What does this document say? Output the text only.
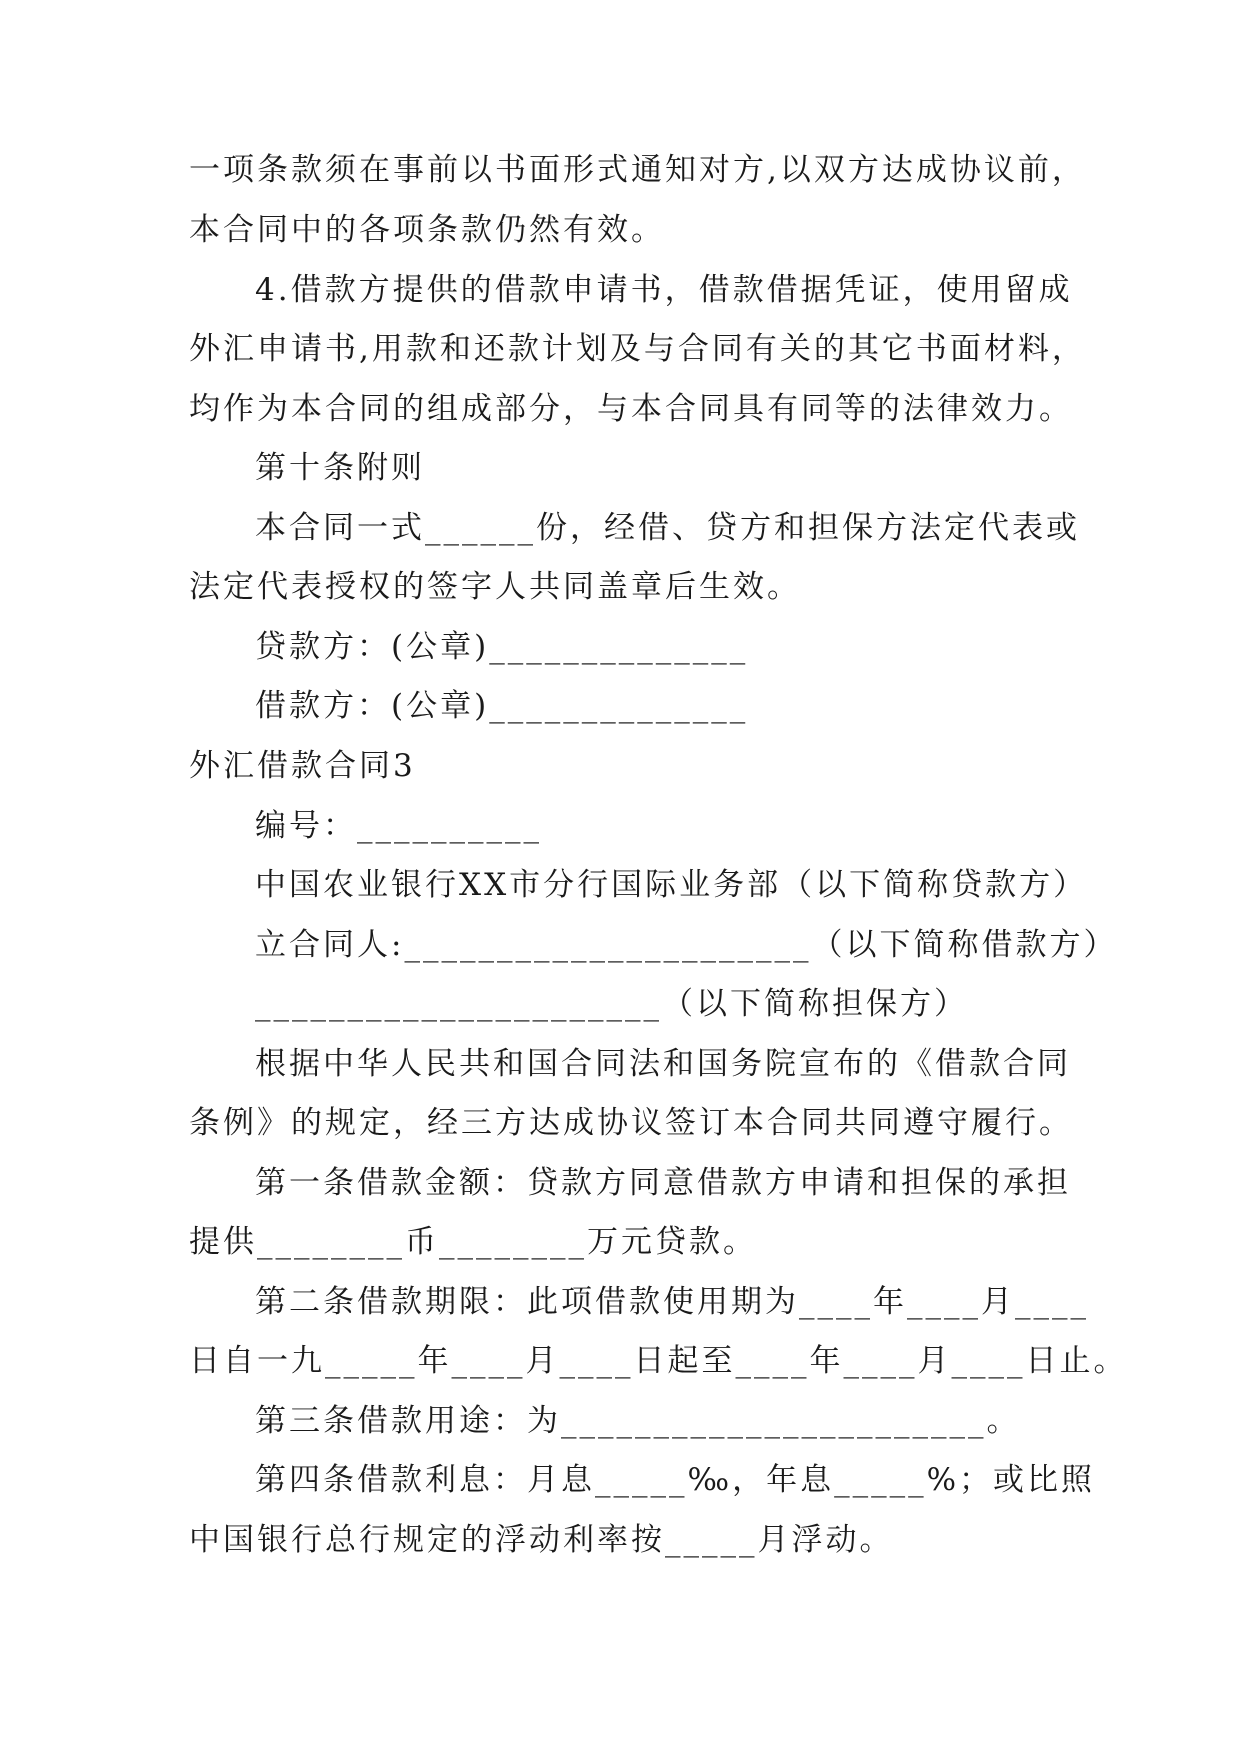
一项条款须在事前以书面形式通知对方,以双方达成协议前，
本合同中的各项条款仍然有效。
4.借款方提供的借款申请书，借款借据凭证，使用留成
外汇申请书,用款和还款计划及与合同有关的其它书面材料，
均作为本合同的组成部分，与本合同具有同等的法律效力。
第十条附则
本合同一式______份，经借、贷方和担保方法定代表或
法定代表授权的签字人共同盖章后生效。
贷款方：(公章)______________
借款方：(公章)______________
外汇借款合同3
编号：__________
中国农业银行XX市分行国际业务部（以下简称贷款方）
立合同人:______________________（以下简称借款方）
______________________（以下简称担保方）
根据中华人民共和国合同法和国务院宣布的《借款合同
条例》的规定，经三方达成协议签订本合同共同遵守履行。
第一条借款金额：贷款方同意借款方申请和担保的承担
提供________币________万元贷款。
第二条借款期限：此项借款使用期为____年____月____
日自一九_____年____月____日起至____年____月____日止。
第三条借款用途：为_______________________。
第四条借款利息：月息_____‰，年息_____%；或比照
中国银行总行规定的浮动利率按_____月浮动。
